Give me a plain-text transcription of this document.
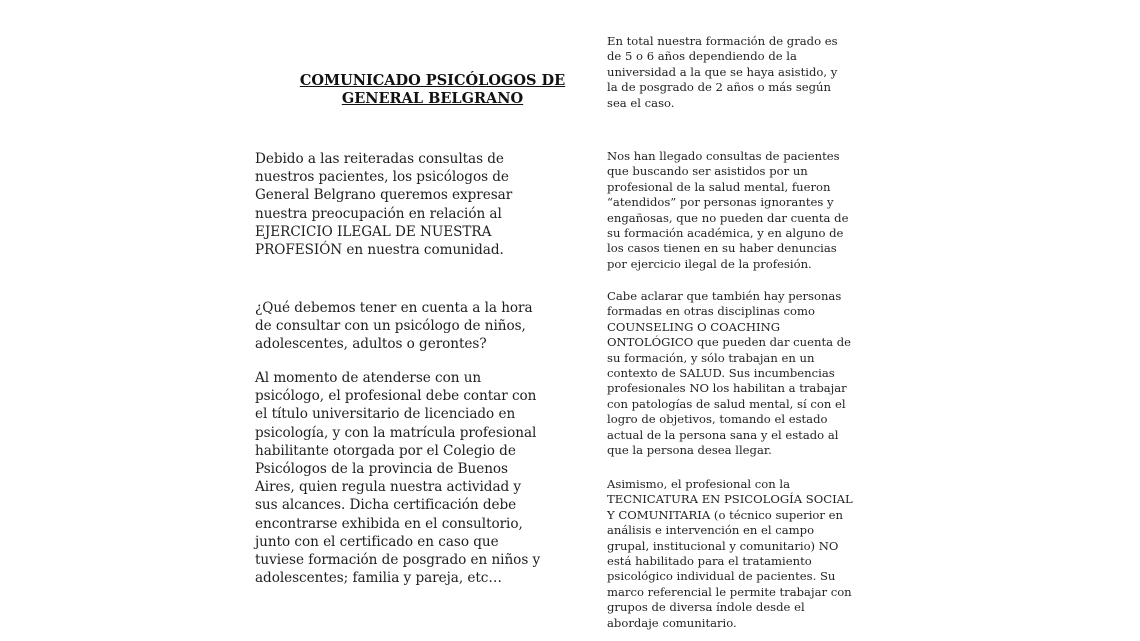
COMUNICADO PSICÓLOGOS DE
GENERAL BELGRANO
Debido a las reiteradas consultas de
nuestros pacientes, los psicólogos de
General Belgrano queremos expresar
nuestra preocupación en relación al
EJERCICIO ILEGAL DE NUESTRA
PROFESIÓN en nuestra comunidad.
¿Qué debemos tener en cuenta a la hora
de consultar con un psicólogo de niños,
adolescentes, adultos o gerontes?
Al momento de atenderse con un
psicólogo, el profesional debe contar con
el título universitario de licenciado en
psicología, y con la matrícula profesional
habilitante otorgada por el Colegio de
Psicólogos de la provincia de Buenos
Aires, quien regula nuestra actividad y
sus alcances. Dicha certificación debe
encontrarse exhibida en el consultorio,
junto con el certificado en caso que
tuviese formación de posgrado en niños y
adolescentes; familia y pareja, etc…
En total nuestra formación de grado es
de 5 o 6 años dependiendo de la
universidad a la que se haya asistido, y
la de posgrado de 2 años o más según
sea el caso.
Nos han llegado consultas de pacientes
que buscando ser asistidos por un
profesional de la salud mental, fueron
“atendidos” por personas ignorantes y
engañosas, que no pueden dar cuenta de
su formación académica, y en alguno de
los casos tienen en su haber denuncias
por ejercicio ilegal de la profesión.
Cabe aclarar que también hay personas
formadas en otras disciplinas como
COUNSELING O COACHING
ONTOLÓGICO que pueden dar cuenta de
su formación, y sólo trabajan en un
contexto de SALUD. Sus incumbencias
profesionales NO los habilitan a trabajar
con patologías de salud mental, sí con el
logro de objetivos, tomando el estado
actual de la persona sana y el estado al
que la persona desea llegar.
Asimismo, el profesional con la
TECNICATURA EN PSICOLOGÍA SOCIAL
Y COMUNITARIA (o técnico superior en
análisis e intervención en el campo
grupal, institucional y comunitario) NO
está habilitado para el tratamiento
psicológico individual de pacientes. Su
marco referencial le permite trabajar con
grupos de diversa índole desde el
abordaje comunitario.
